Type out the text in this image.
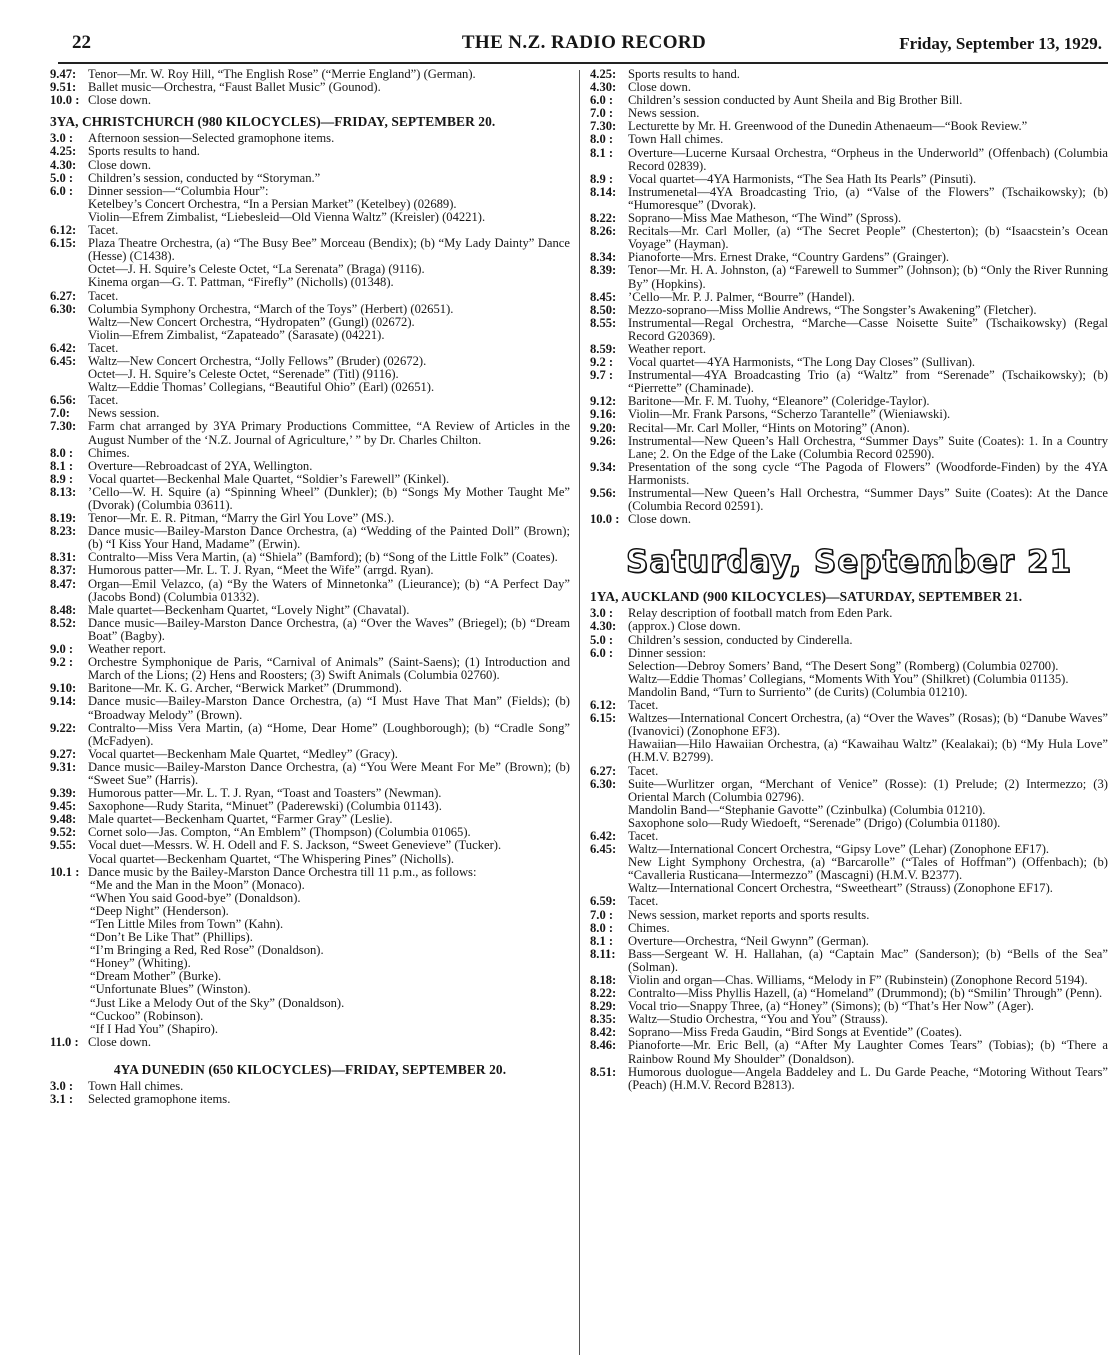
22	THE N.Z. RADIO RECORD	Friday, September 13, 1929.
9.47: Tenor—Mr. W. Roy Hill, “The English Rose” (“Merrie England”) (German).
9.51: Ballet music—Orchestra, “Faust Ballet Music” (Gounod).
10.0 : Close down.
3YA, CHRISTCHURCH (980 KILOCYCLES)—FRIDAY, SEPTEMBER 20.
3.0 :	Afternoon session—Selected gramophone items.
4.25: Sports results to hand.
4.30: Close down.
5.0 :	Children’s session, conducted by “Storyman.”
6.0 :	Dinner session—“Columbia Hour”:
Ketelbey’s Concert Orchestra, “In a Persian Market” (Ketelbey) (02689).
Violin—Efrem Zimbalist, “Liebesleid—Old Vienna Waltz” (Kreisler) (04221).
6.12: Tacet.
6.15: Plaza Theatre Orchestra, (a) “The Busy Bee” Morceau (Bendix); (b) “My Lady Dainty” Dance (Hesse) (C1438).
Octet—J. H. Squire’s Celeste Octet, “La Serenata” (Braga) (9116).
Kinema organ—G. T. Pattman, “Firefly” (Nicholls) (01348).
6.27: Tacet.
6.30: Columbia Symphony Orchestra, “March of the Toys” (Herbert) (02651).
Waltz—New Concert Orchestra, “Hydropaten” (Gungl) (02672).
Violin—Efrem Zimbalist, “Zapateado” (Sarasate) (04221).
6.42: Tacet.
6.45: Waltz—New Concert Orchestra, “Jolly Fellows” (Bruder) (02672).
Octet—J. H. Squire’s Celeste Octet, “Serenade” (Titl) (9116).
Waltz—Eddie Thomas’ Collegians, “Beautiful Ohio” (Earl) (02651).
6.56: Tacet.
7.0:	News session.
7.30: Farm chat arranged by 3YA Primary Productions Committee, “A Review of Articles in the August Number of the ‘N.Z. Journal of Agriculture,’ ” by Dr. Charles Chilton.
8.0 :	Chimes.
8.1 :	Overture—Rebroadcast of 2YA, Wellington.
8.9 :	Vocal quartet—Beckenhal Male Quartet, “Soldier’s Farewell” (Kinkel).
8.13: ’Cello—W. H. Squire (a) “Spinning Wheel” (Dunkler); (b) “Songs My Mother Taught Me” (Dvorak) (Columbia 03611).
8.19: Tenor—Mr. E. R. Pitman, “Marry the Girl You Love” (MS.).
8.23: Dance music—Bailey-Marston Dance Orchestra, (a) “Wedding of the Painted Doll” (Brown); (b) “I Kiss Your Hand, Madame” (Erwin).
8.31: Contralto—Miss Vera Martin, (a) “Shiela” (Bamford); (b) “Song of the Little Folk” (Coates).
8.37: Humorous patter—Mr. L. T. J. Ryan, “Meet the Wife” (arrgd. Ryan).
8.47: Organ—Emil Velazco, (a) “By the Waters of Minnetonka” (Lieurance); (b) “A Perfect Day” (Jacobs Bond) (Columbia 01332).
8.48: Male quartet—Beckenham Quartet, “Lovely Night” (Chavatal).
8.52: Dance music—Bailey-Marston Dance Orchestra, (a) “Over the Waves” (Briegel); (b) “Dream Boat” (Bagby).
9.0 :	Weather report.
9.2 :	Orchestre Symphonique de Paris, “Carnival of Animals” (Saint-Saens); (1) Introduction and March of the Lions; (2) Hens and Roosters; (3) Swift Animals (Columbia 02760).
9.10: Baritone—Mr. K. G. Archer, “Berwick Market” (Drummond).
9.14: Dance music—Bailey-Marston Dance Orchestra, (a) “I Must Have That Man” (Fields); (b) “Broadway Melody” (Brown).
9.22: Contralto—Miss Vera Martin, (a) “Home, Dear Home” (Loughborough); (b) “Cradle Song” (McFadyen).
9.27: Vocal quartet—Beckenham Male Quartet, “Medley” (Gracy).
9.31: Dance music—Bailey-Marston Dance Orchestra, (a) “You Were Meant For Me” (Brown); (b) “Sweet Sue” (Harris).
9.39: Humorous patter—Mr. L. T. J. Ryan, “Toast and Toasters” (Newman).
9.45: Saxophone—Rudy Starita, “Minuet” (Paderewski) (Columbia 01143).
9.48: Male quartet—Beckenham Quartet, “Farmer Gray” (Leslie).
9.52: Cornet solo—Jas. Compton, “An Emblem” (Thompson) (Columbia 01065).
9.55: Vocal duet—Messrs. W. H. Odell and F. S. Jackson, “Sweet Genevieve” (Tucker).
Vocal quartet—Beckenham Quartet, “The Whispering Pines” (Nicholls).
10.1 : Dance music by the Bailey-Marston Dance Orchestra till 11 p.m., as follows:
“Me and the Man in the Moon” (Monaco).
“When You said Good-bye” (Donaldson).
“Deep Night” (Henderson).
“Ten Little Miles from Town” (Kahn).
“Don’t Be Like That” (Phillips).
“I’m Bringing a Red, Red Rose” (Donaldson).
“Honey” (Whiting).
“Dream Mother” (Burke).
“Unfortunate Blues” (Winston).
“Just Like a Melody Out of the Sky” (Donaldson).
“Cuckoo” (Robinson).
“If I Had You” (Shapiro).
11.0 : Close down.
4YA DUNEDIN (650 KILOCYCLES)—FRIDAY, SEPTEMBER 20.
3.0 :	Town Hall chimes.
3.1 :	Selected gramophone items.
4.25: Sports results to hand.
4.30: Close down.
6.0 :	Children’s session conducted by Aunt Sheila and Big Brother Bill.
7.0 :	News session.
7.30: Lecturette by Mr. H. Greenwood of the Dunedin Athenaeum—“Book Review.”
8.0 :	Town Hall chimes.
8.1 :	Overture—Lucerne Kursaal Orchestra, “Orpheus in the Underworld” (Offenbach) (Columbia Record 02839).
8.9 :	Vocal quartet—4YA Harmonists, “The Sea Hath Its Pearls” (Pinsuti).
8.14: Instrumenetal—4YA Broadcasting Trio, (a) “Valse of the Flowers” (Tschaikowsky); (b) “Humoresque” (Dvorak).
8.22: Soprano—Miss Mae Matheson, “The Wind” (Spross).
8.26: Recitals—Mr. Carl Moller, (a) “The Secret People” (Chesterton); (b) “Isaacstein’s Ocean Voyage” (Hayman).
8.34: Pianoforte—Mrs. Ernest Drake, “Country Gardens” (Grainger).
8.39: Tenor—Mr. H. A. Johnston, (a) “Farewell to Summer” (Johnson); (b) “Only the River Running By” (Hopkins).
8.45: ’Cello—Mr. P. J. Palmer, “Bourre” (Handel).
8.50: Mezzo-soprano—Miss Mollie Andrews, “The Songster’s Awakening” (Fletcher).
8.55: Instrumental—Regal Orchestra, “Marche—Casse Noisette Suite” (Tschaikowsky) (Regal Record G20369).
8.59: Weather report.
9.2 :	Vocal quartet—4YA Harmonists, “The Long Day Closes” (Sullivan).
9.7 :	Instrumental—4YA Broadcasting Trio (a) “Waltz” from “Serenade” (Tschaikowsky); (b) “Pierrette” (Chaminade).
9.12: Baritone—Mr. F. M. Tuohy, “Eleanore” (Coleridge-Taylor).
9.16: Violin—Mr. Frank Parsons, “Scherzo Tarantelle” (Wieniawski).
9.20: Recital—Mr. Carl Moller, “Hints on Motoring” (Anon).
9.26: Instrumental—New Queen’s Hall Orchestra, “Summer Days” Suite (Coates): 1. In a Country Lane; 2. On the Edge of the Lake (Columbia Record 02590).
9.34: Presentation of the song cycle “The Pagoda of Flowers” (Woodforde-Finden) by the 4YA Harmonists.
9.56: Instrumental—New Queen’s Hall Orchestra, “Summer Days” Suite (Coates): At the Dance (Columbia Record 02591).
10.0 : Close down.
Saturday, September 21
1YA, AUCKLAND (900 KILOCYCLES)—SATURDAY, SEPTEMBER 21.
3.0 :	Relay description of football match from Eden Park.
4.30: (approx.) Close down.
5.0 :	Children’s session, conducted by Cinderella.
6.0 :	Dinner session:
Selection—Debroy Somers’ Band, “The Desert Song” (Romberg) (Columbia 02700).
Waltz—Eddie Thomas’ Collegians, “Moments With You” (Shilkret) (Columbia 01135).
Mandolin Band, “Turn to Surriento” (de Curits) (Columbia 01210).
6.12: Tacet.
6.15: Waltzes—International Concert Orchestra, (a) “Over the Waves” (Rosas); (b) “Danube Waves” (Ivanovici) (Zonophone EF3).
Hawaiian—Hilo Hawaiian Orchestra, (a) “Kawaihau Waltz” (Kealakai); (b) “My Hula Love” (H.M.V. B2799).
6.27: Tacet.
6.30: Suite—Wurlitzer organ, “Merchant of Venice” (Rosse): (1) Prelude; (2) Intermezzo; (3) Oriental March (Columbia 02796).
Mandolin Band—“Stephanie Gavotte” (Czinbulka) (Columbia 01210).
Saxophone solo—Rudy Wiedoeft, “Serenade” (Drigo) (Columbia 01180).
6.42: Tacet.
6.45: Waltz—International Concert Orchestra, “Gipsy Love” (Lehar) (Zonophone EF17).
New Light Symphony Orchestra, (a) “Barcarolle” (“Tales of Hoffman”) (Offenbach); (b) “Cavalleria Rusticana—Intermezzo” (Mascagni) (H.M.V. B2377).
Waltz—International Concert Orchestra, “Sweetheart” (Strauss) (Zonophone EF17).
6.59: Tacet.
7.0 :	News session, market reports and sports results.
8.0 :	Chimes.
8.1 :	Overture—Orchestra, “Neil Gwynn” (German).
8.11: Bass—Sergeant W. H. Hallahan, (a) “Captain Mac” (Sanderson); (b) “Bells of the Sea” (Solman).
8.18: Violin and organ—Chas. Williams, “Melody in F” (Rubinstein) (Zonophone Record 5194).
8.22: Contralto—Miss Phyllis Hazell, (a) “Homeland” (Drummond); (b) “Smilin’ Through” (Penn).
8.29: Vocal trio—Snappy Three, (a) “Honey” (Simons); (b) “That’s Her Now” (Ager).
8.35: Waltz—Studio Orchestra, “You and You” (Strauss).
8.42: Soprano—Miss Freda Gaudin, “Bird Songs at Eventide” (Coates).
8.46: Pianoforte—Mr. Eric Bell, (a) “After My Laughter Comes Tears” (Tobias); (b) “There a Rainbow Round My Shoulder” (Donaldson).
8.51: Humorous duologue—Angela Baddeley and L. Du Garde Peache, “Motoring Without Tears” (Peach) (H.M.V. Record B2813).
